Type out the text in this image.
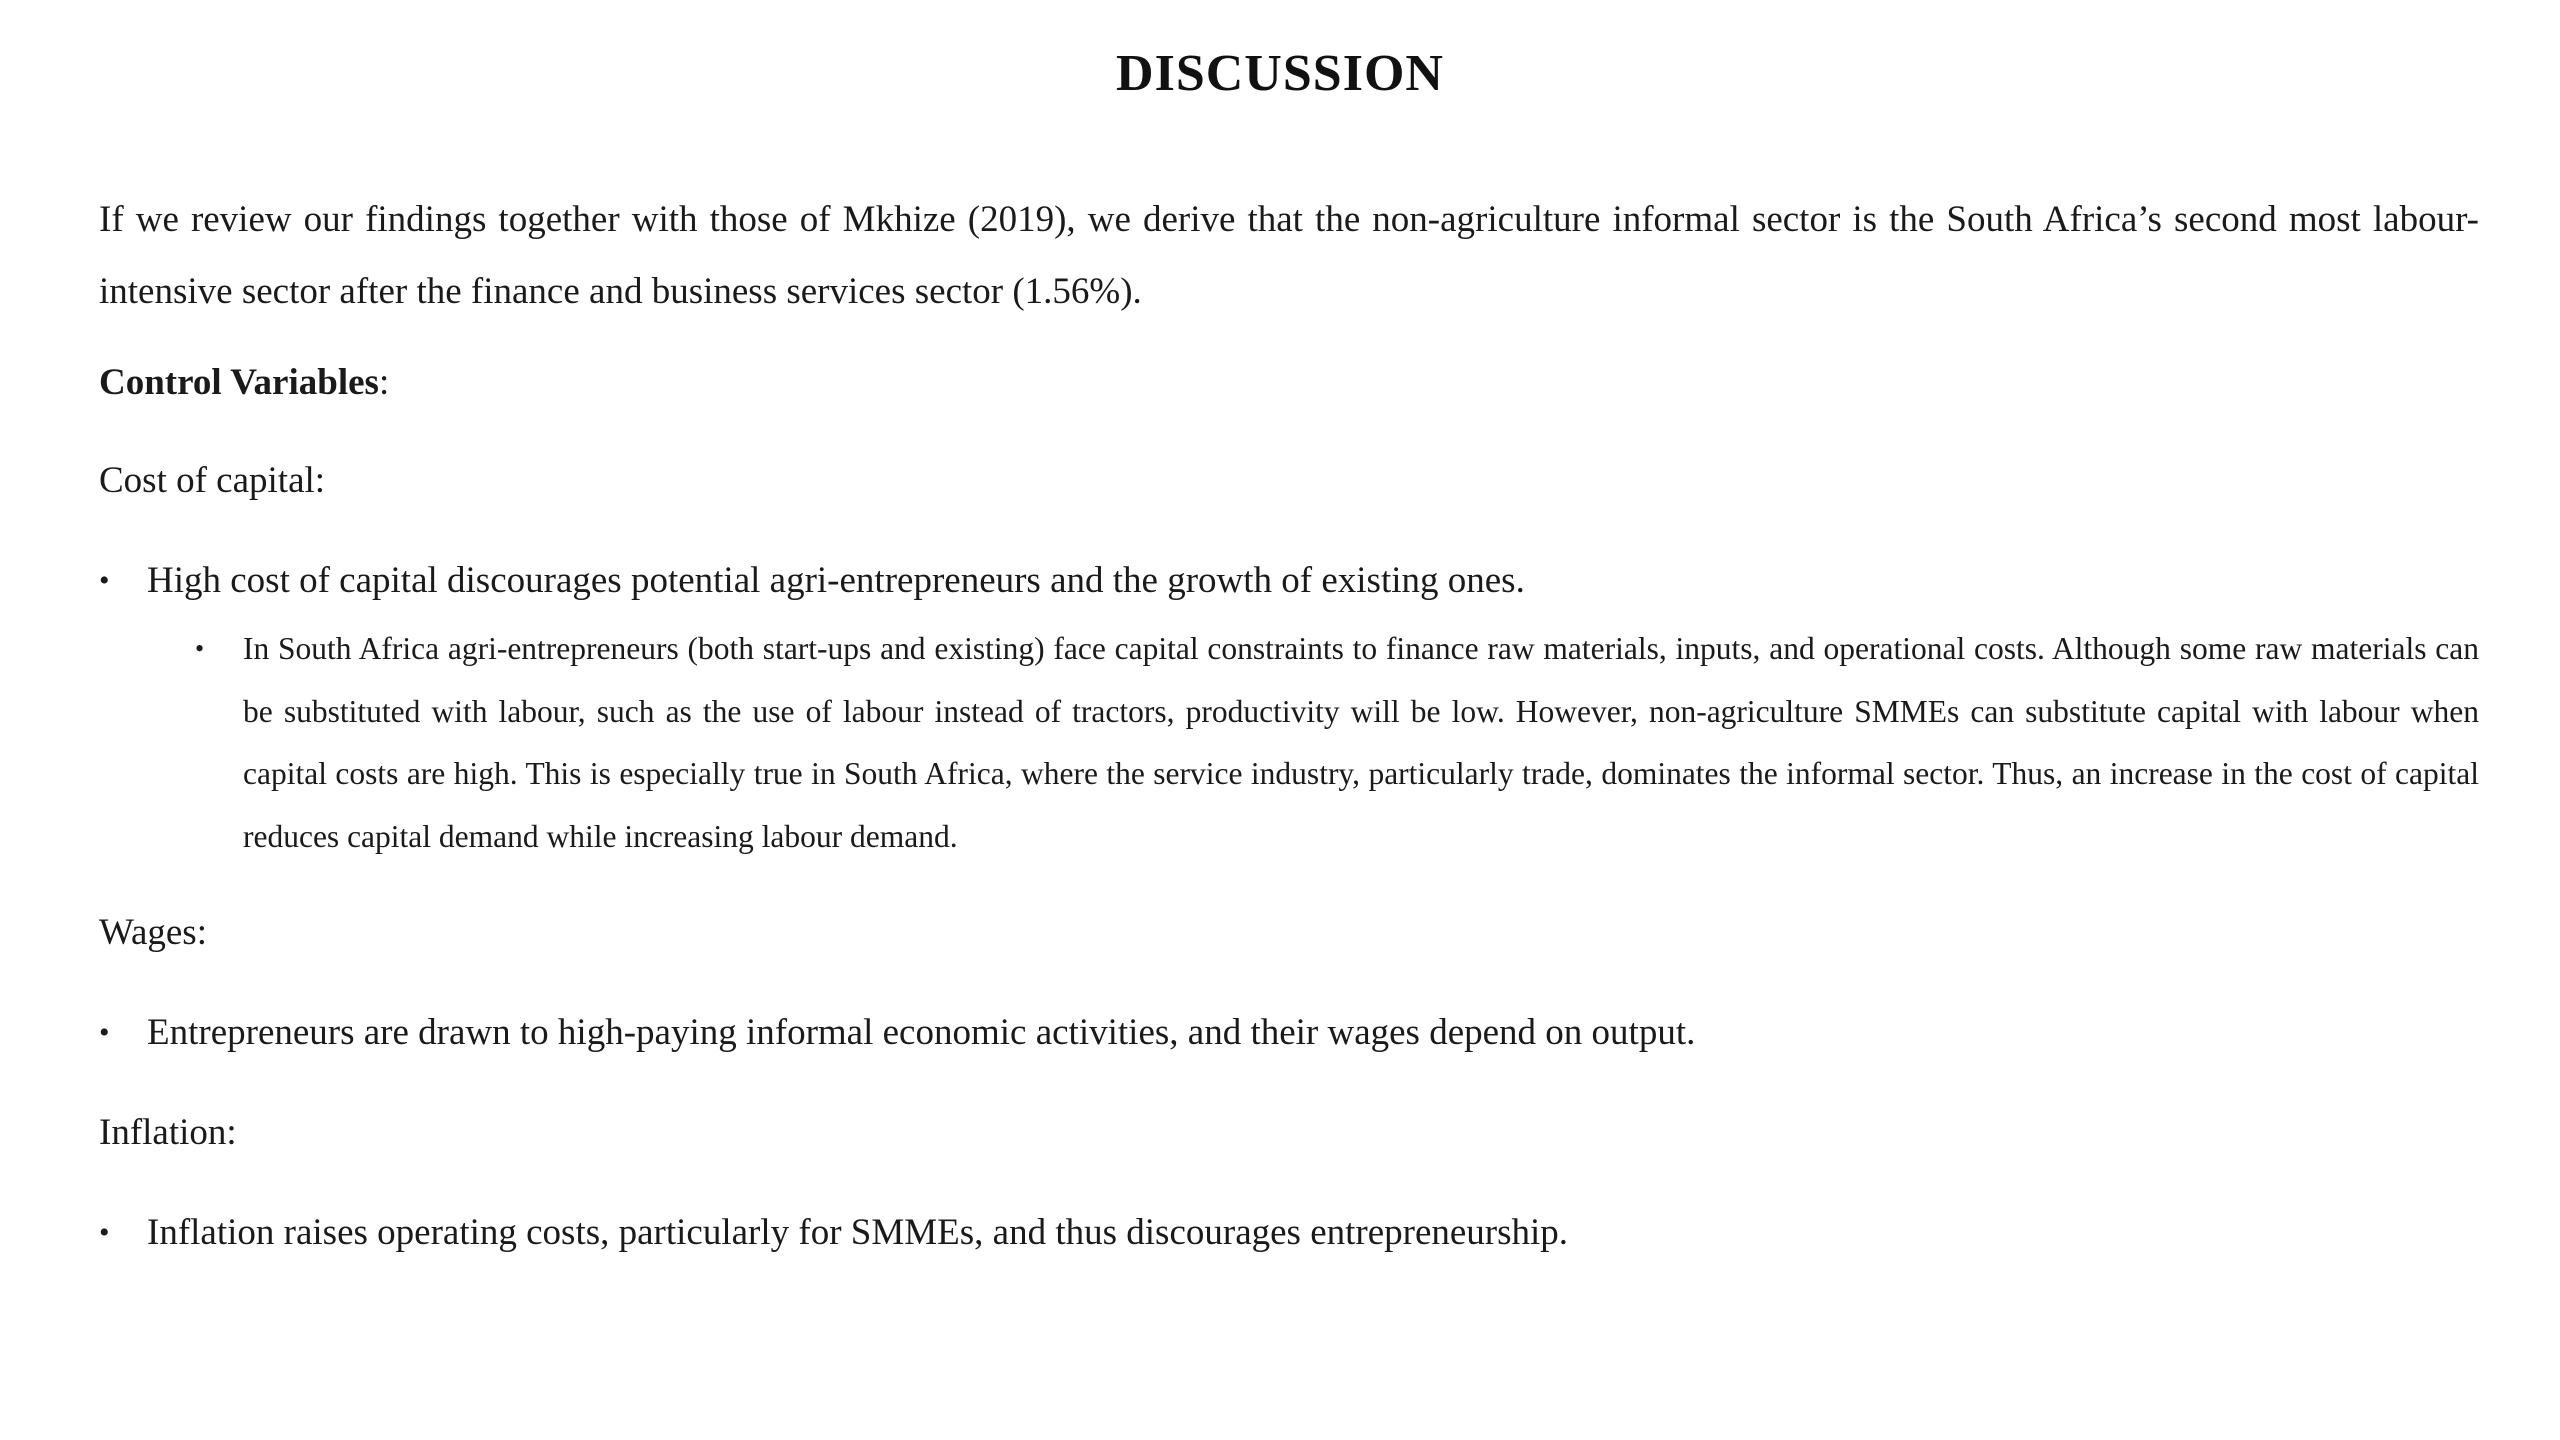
DISCUSSION

If we review our findings together with those of Mkhize (2019), we derive that the non-agriculture informal sector is the South Africa’s second most labour-intensive sector after the finance and business services sector (1.56%).

Control Variables:

Cost of capital:

• High cost of capital discourages potential agri-entrepreneurs and the growth of existing ones.

• In South Africa agri-entrepreneurs (both start-ups and existing) face capital constraints to finance raw materials, inputs, and operational costs. Although some raw materials can be substituted with labour, such as the use of labour instead of tractors, productivity will be low. However, non-agriculture SMMEs can substitute capital with labour when capital costs are high. This is especially true in South Africa, where the service industry, particularly trade, dominates the informal sector. Thus, an increase in the cost of capital reduces capital demand while increasing labour demand.

Wages:

• Entrepreneurs are drawn to high-paying informal economic activities, and their wages depend on output.

Inflation:

• Inflation raises operating costs, particularly for SMMEs, and thus discourages entrepreneurship.
